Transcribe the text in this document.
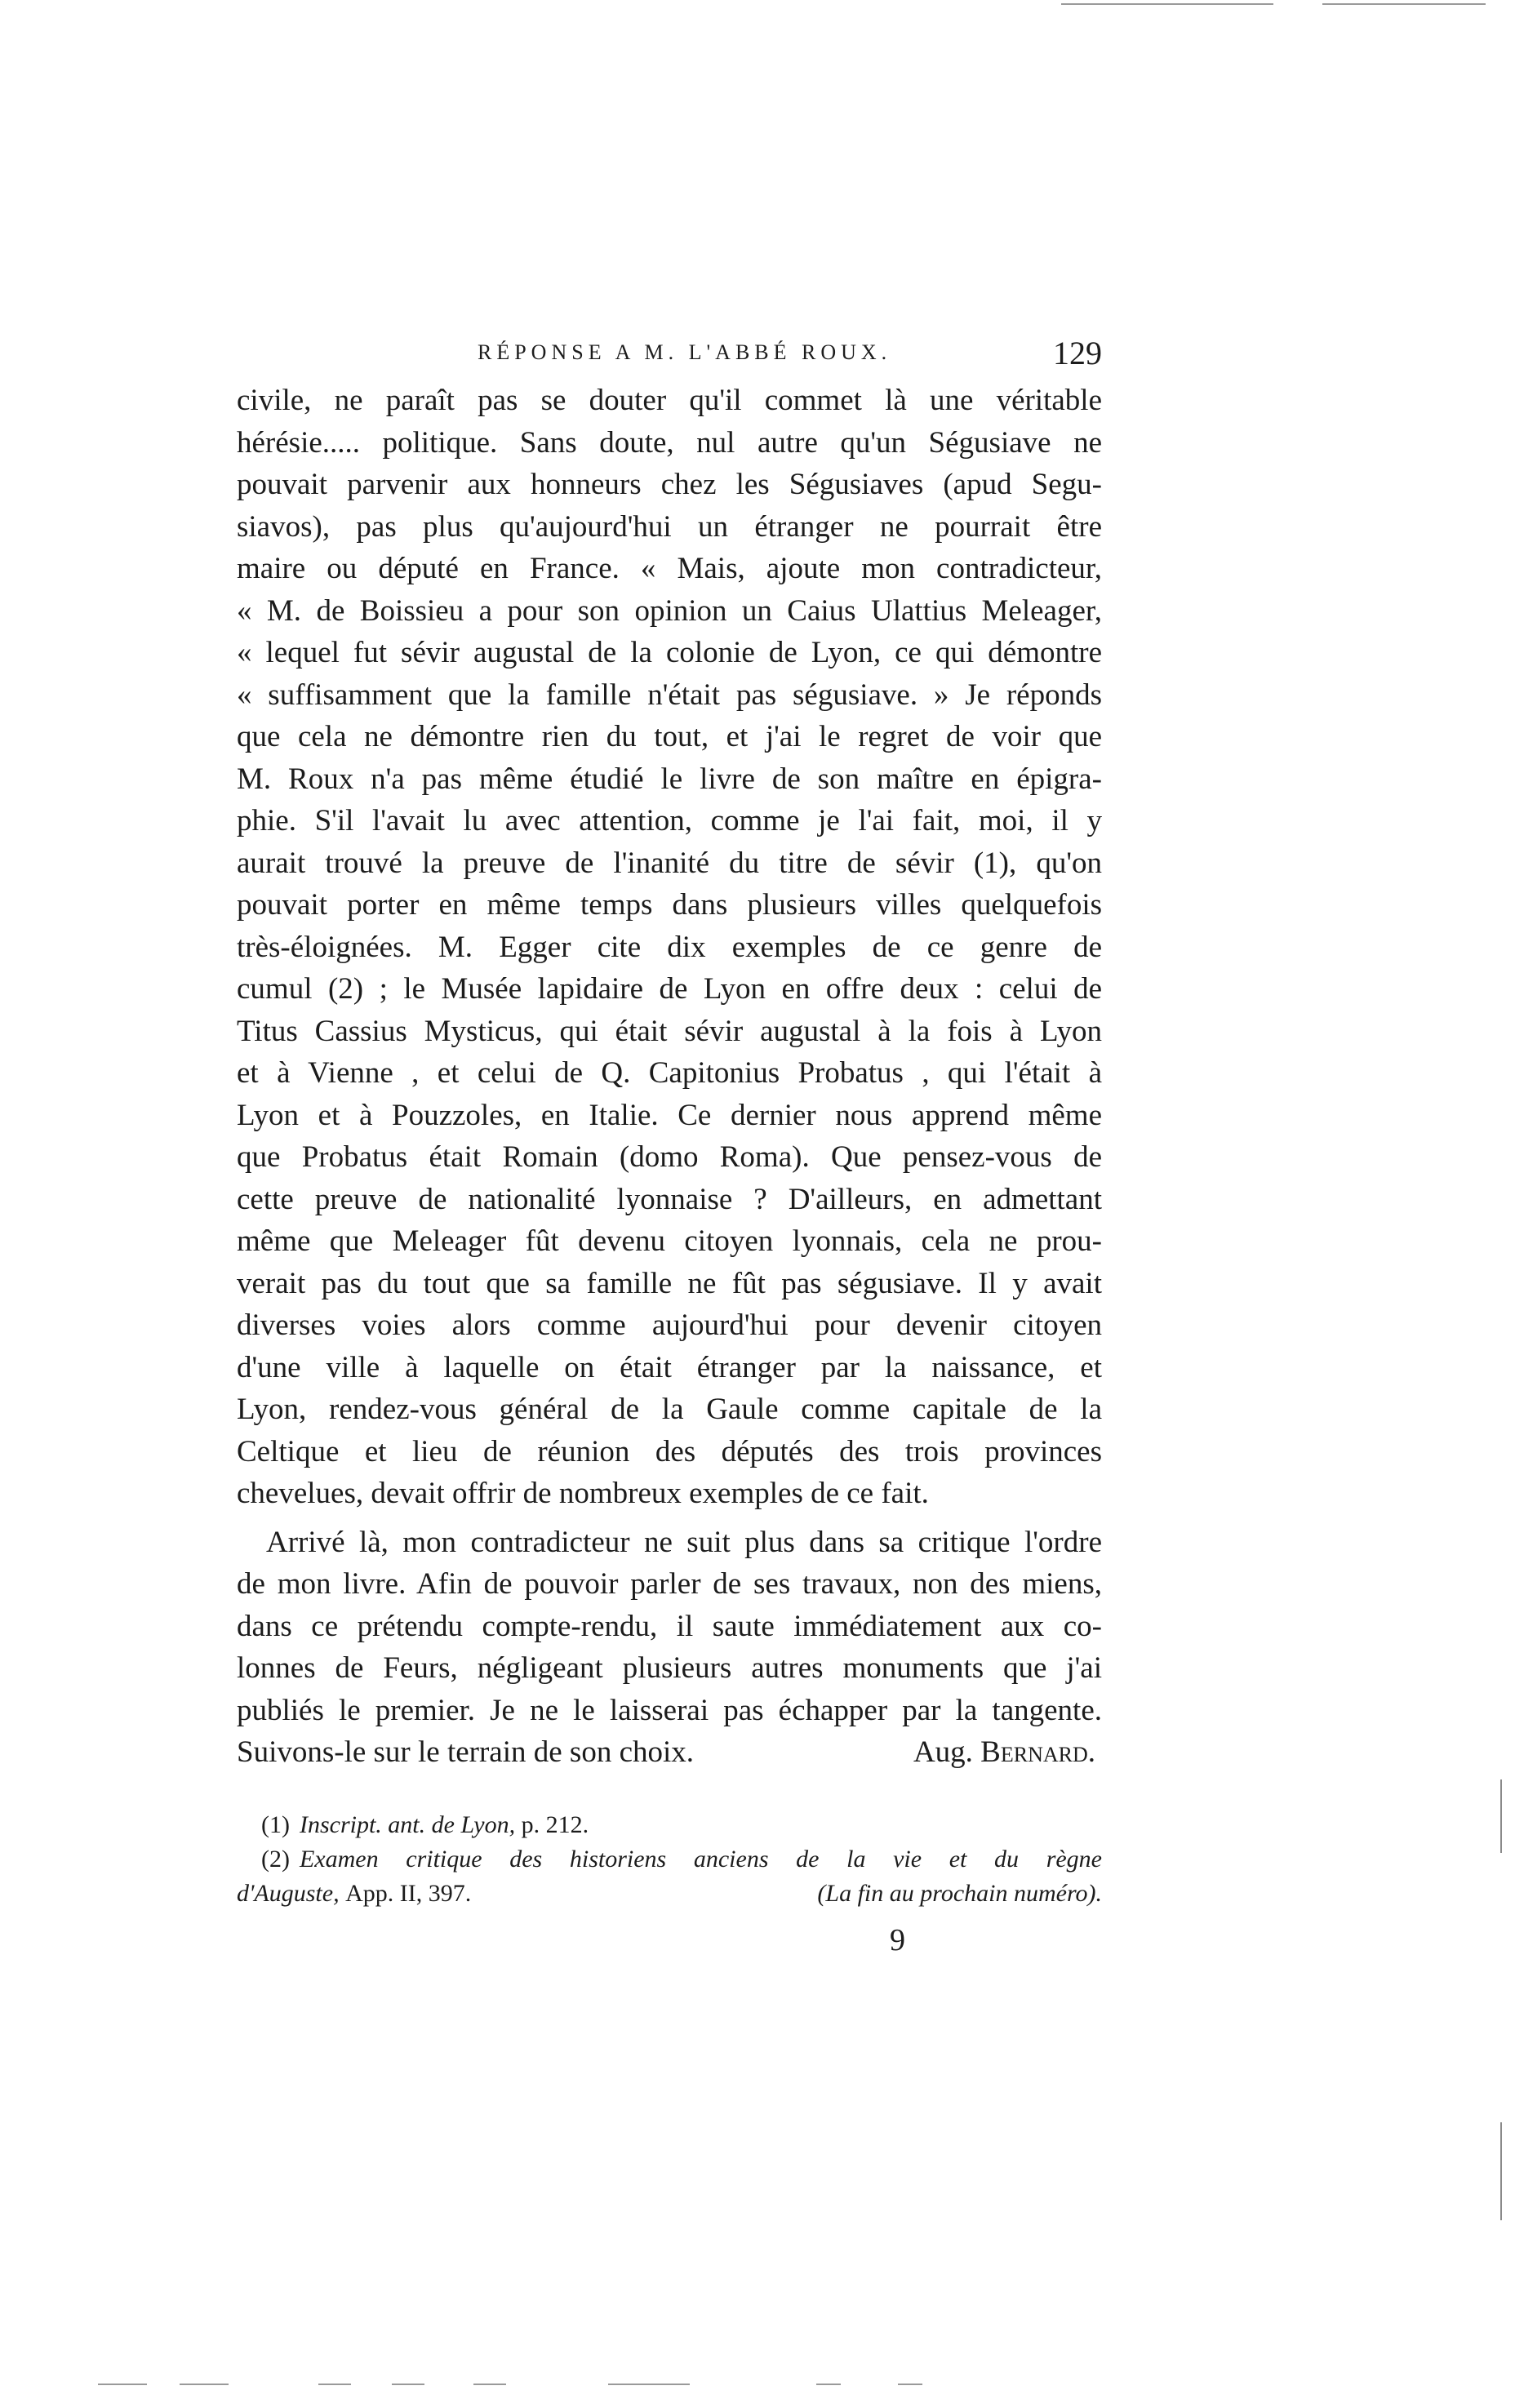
RÉPONSE A M. L'ABBÉ ROUX.	129
civile, ne paraît pas se douter qu'il commet là une véritable
hérésie..... politique. Sans doute, nul autre qu'un Ségusiave ne
pouvait parvenir aux honneurs chez les Ségusiaves (apud Segu-
siavos), pas plus qu'aujourd'hui un étranger ne pourrait être
maire ou député en France. « Mais, ajoute mon contradicteur,
« M. de Boissieu a pour son opinion un Caius Ulattius Meleager,
« lequel fut sévir augustal de la colonie de Lyon, ce qui démontre
« suffisamment que la famille n'était pas ségusiave. » Je réponds
que cela ne démontre rien du tout, et j'ai le regret de voir que
M. Roux n'a pas même étudié le livre de son maître en épigra-
phie. S'il l'avait lu avec attention, comme je l'ai fait, moi, il y
aurait trouvé la preuve de l'inanité du titre de sévir (1), qu'on
pouvait porter en même temps dans plusieurs villes quelquefois
très-éloignées. M. Egger cite dix exemples de ce genre de
cumul (2) ; le Musée lapidaire de Lyon en offre deux : celui de
Titus Cassius Mysticus, qui était sévir augustal à la fois à Lyon
et à Vienne , et celui de Q. Capitonius Probatus , qui l'était à
Lyon et à Pouzzoles, en Italie. Ce dernier nous apprend même
que Probatus était Romain (domo Roma). Que pensez-vous de
cette preuve de nationalité lyonnaise ? D'ailleurs, en admettant
même que Meleager fût devenu citoyen lyonnais, cela ne prou-
verait pas du tout que sa famille ne fût pas ségusiave. Il y avait
diverses voies alors comme aujourd'hui pour devenir citoyen
d'une ville à laquelle on était étranger par la naissance, et
Lyon, rendez-vous général de la Gaule comme capitale de la
Celtique et lieu de réunion des députés des trois provinces
chevelues, devait offrir de nombreux exemples de ce fait.
Arrivé là, mon contradicteur ne suit plus dans sa critique l'ordre
de mon livre. Afin de pouvoir parler de ses travaux, non des miens,
dans ce prétendu compte-rendu, il saute immédiatement aux co-
lonnes de Feurs, négligeant plusieurs autres monuments que j'ai
publiés le premier. Je ne le laisserai pas échapper par la tangente.
Suivons-le sur le terrain de son choix.	Aug. Bernard.
(1) Inscript. ant. de Lyon, p. 212.
(2) Examen critique des historiens anciens de la vie et du règne
d'Auguste, App. II, 397.	(La fin au prochain numéro).
9
